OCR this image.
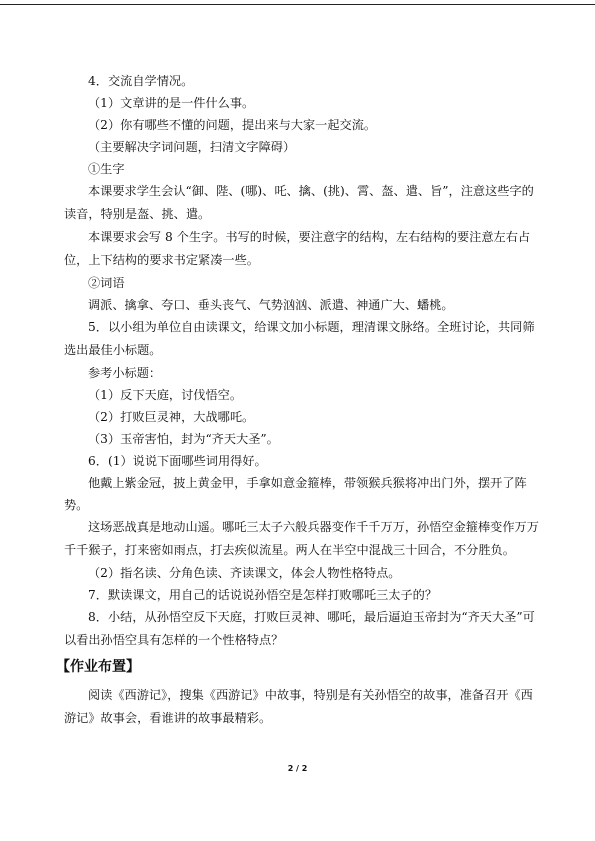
4．交流自学情况。

（1）文章讲的是一件什么事。

（2）你有哪些不懂的问题，提出来与大家一起交流。

（主要解决字词问题，扫清文字障碍）

①生字

本课要求学生会认“御、陛、(哪)、吒、擒、(挑)、霄、盔、遣、旨”，注意这些字的读音，特别是盔、挑、遣。

本课要求会写 8 个生字。书写的时候，要注意字的结构，左右结构的要注意左右占位，上下结构的要求书定紧凑一些。

②词语

调派、擒拿、夸口、垂头丧气、气势汹汹、派遣、神通广大、蟠桃。

5．以小组为单位自由读课文，给课文加小标题，理清课文脉络。全班讨论，共同筛选出最佳小标题。

参考小标题：

（1）反下天庭，讨伐悟空。

（2）打败巨灵神，大战哪吒。

（3）玉帝害怕，封为“齐天大圣”。

6．(1）说说下面哪些词用得好。

他戴上紫金冠，披上黄金甲，手拿如意金箍棒，带领猴兵猴将冲出门外，摆开了阵势。

这场恶战真是地动山遥。哪吒三太子六般兵器变作千千万万，孙悟空金箍棒变作万万千千猴子，打来密如雨点，打去疾似流星。两人在半空中混战三十回合，不分胜负。

（2）指名读、分角色读、齐读课文，体会人物性格特点。

7．默读课文，用自己的话说说孙悟空是怎样打败哪吒三太子的？

8．小结，从孙悟空反下天庭，打败巨灵神、哪吒，最后逼迫玉帝封为“齐天大圣”可以看出孙悟空具有怎样的一个性格特点？

【作业布置】

阅读《西游记》，搜集《西游记》中故事，特别是有关孙悟空的故事，准备召开《西游记》故事会，看谁讲的故事最精彩。

2 / 2
